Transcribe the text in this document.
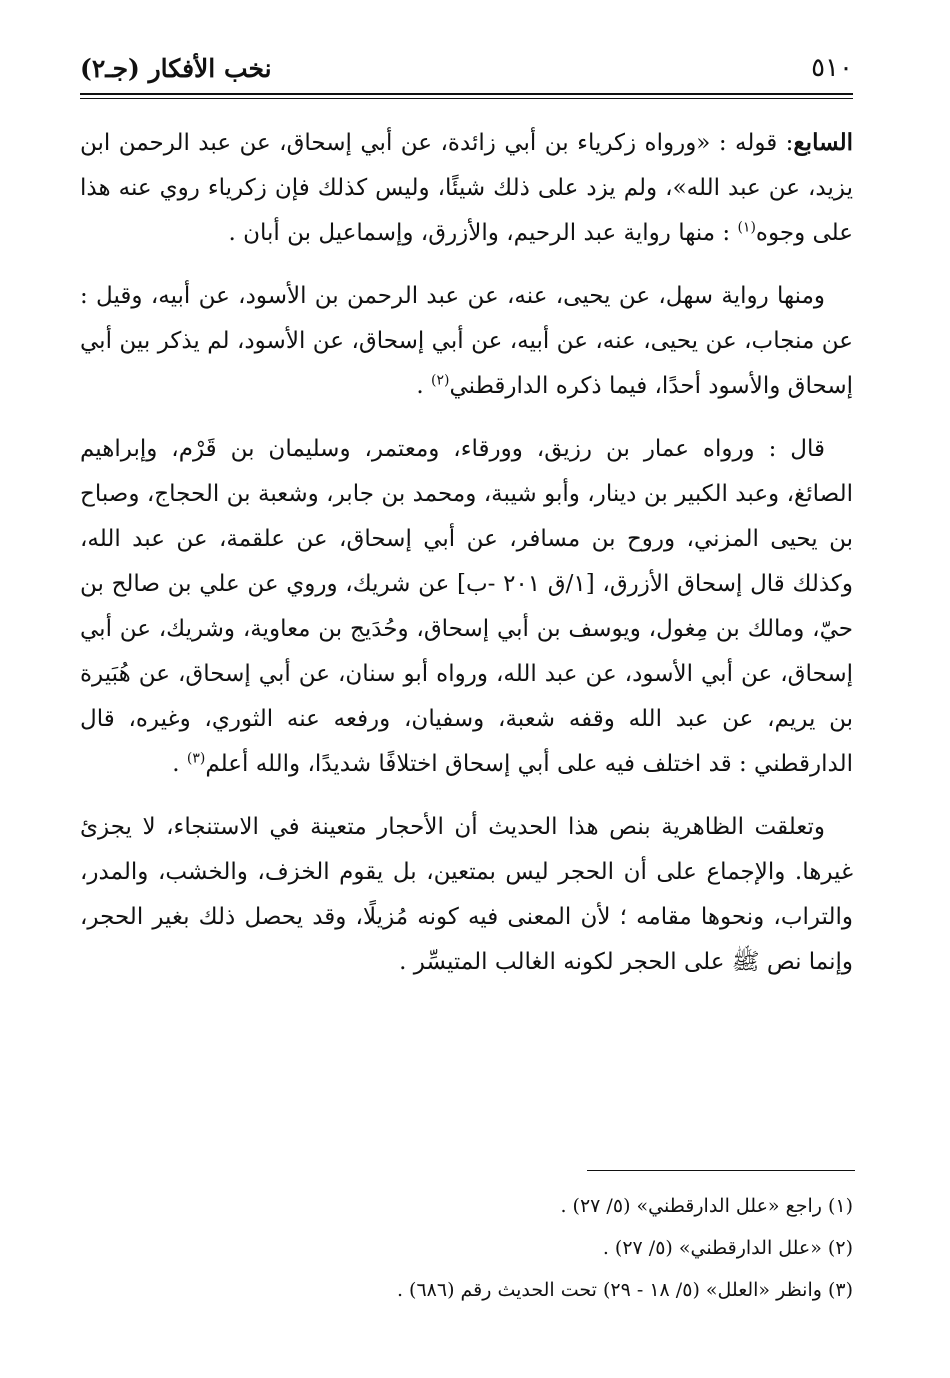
٥١٠
نخب الأفكار (جـ٢)

السابع: قوله : «ورواه زكرياء بن أبي زائدة، عن أبي إسحاق، عن عبد الرحمن ابن يزيد، عن عبد الله»، ولم يزد على ذلك شيئًا، وليس كذلك فإن زكرياء روي عنه هذا على وجوه$^{(١)}$ : منها رواية عبد الرحيم، والأزرق، وإسماعيل بن أبان .

ومنها رواية سهل، عن يحيى، عنه، عن عبد الرحمن بن الأسود، عن أبيه، وقيل : عن منجاب، عن يحيى، عنه، عن أبيه، عن أبي إسحاق، عن الأسود، لم يذكر بين أبي إسحاق والأسود أحدًا، فيما ذكره الدارقطني$^{(٢)}$ .

قال : ورواه عمار بن رزيق، وورقاء، ومعتمر، وسليمان بن قَرْم، وإبراهيم الصائغ، وعبد الكبير بن دينار، وأبو شيبة، ومحمد بن جابر، وشعبة بن الحجاج، وصباح بن يحيى المزني، وروح بن مسافر، عن أبي إسحاق، عن علقمة، عن عبد الله، وكذلك قال إسحاق الأزرق، [١/ق ٢٠١ -ب] عن شريك، وروي عن علي بن صالح بن حيّ، ومالك بن مِغول، ويوسف بن أبي إسحاق، وحُدَيج بن معاوية، وشريك، عن أبي إسحاق، عن أبي الأسود، عن عبد الله، ورواه أبو سنان، عن أبي إسحاق، عن هُبَيرة بن يريم، عن عبد الله وقفه شعبة، وسفيان، ورفعه عنه الثوري، وغيره، قال الدارقطني : قد اختلف فيه على أبي إسحاق اختلافًا شديدًا، والله أعلم$^{(٣)}$ .

وتعلقت الظاهرية بنص هذا الحديث أن الأحجار متعينة في الاستنجاء، لا يجزئ غيرها. والإجماع على أن الحجر ليس بمتعين، بل يقوم الخزف، والخشب، والمدر، والتراب، ونحوها مقامه ؛ لأن المعنى فيه كونه مُزيلًا، وقد يحصل ذلك بغير الحجر، وإنما نص ﷺ على الحجر لكونه الغالب المتيسِّر .

(١) راجع «علل الدارقطني» (٥/ ٢٧) .

(٢) «علل الدارقطني» (٥/ ٢٧) .

(٣) وانظر «العلل» (٥/ ١٨ - ٢٩) تحت الحديث رقم (٦٨٦) .
